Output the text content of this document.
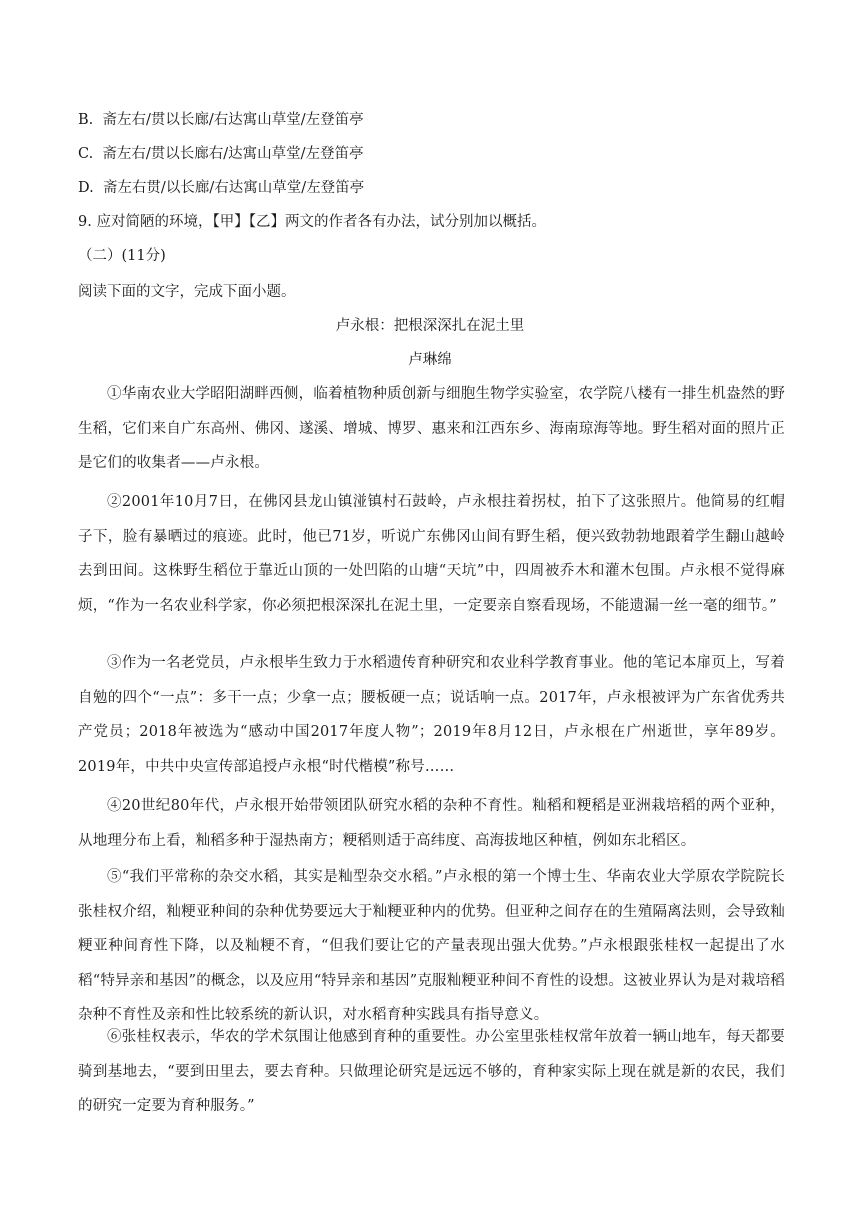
B. 斋左右/贯以长廊/右达寓山草堂/左登笛亭
C. 斋左右/贯以长廊右/达寓山草堂/左登笛亭
D. 斋左右贯/以长廊/右达寓山草堂/左登笛亭
9. 应对简陋的环境，【甲】【乙】两文的作者各有办法，试分别加以概括。
（二）(11分)
阅读下面的文字，完成下面小题。
卢永根：把根深深扎在泥土里
卢琳绵
①华南农业大学昭阳湖畔西侧，临着植物种质创新与细胞生物学实验室，农学院八楼有一排生机盎然的野生稻，它们来自广东高州、佛冈、遂溪、增城、博罗、惠来和江西东乡、海南琼海等地。野生稻对面的照片正是它们的收集者——卢永根。
②2001年10月7日，在佛冈县龙山镇湴镇村石鼓岭，卢永根拄着拐杖，拍下了这张照片。他简易的红帽子下，脸有暴晒过的痕迹。此时，他已71岁，听说广东佛冈山间有野生稻，便兴致勃勃地跟着学生翻山越岭去到田间。这株野生稻位于靠近山顶的一处凹陷的山塘“天坑”中，四周被乔木和灌木包围。卢永根不觉得麻烦，“作为一名农业科学家，你必须把根深深扎在泥土里，一定要亲自察看现场，不能遗漏一丝一毫的细节。”
③作为一名老党员，卢永根毕生致力于水稻遗传育种研究和农业科学教育事业。他的笔记本扉页上，写着自勉的四个“一点”：多干一点；少拿一点；腰板硬一点；说话响一点。2017年，卢永根被评为广东省优秀共产党员；2018年被选为“感动中国2017年度人物”；2019年8月12日，卢永根在广州逝世，享年89岁。2019年，中共中央宣传部追授卢永根“时代楷模”称号……
④20世纪80年代，卢永根开始带领团队研究水稻的杂种不育性。籼稻和粳稻是亚洲栽培稻的两个亚种，从地理分布上看，籼稻多种于湿热南方；粳稻则适于高纬度、高海拔地区种植，例如东北稻区。
⑤“我们平常称的杂交水稻，其实是籼型杂交水稻。”卢永根的第一个博士生、华南农业大学原农学院院长张桂权介绍，籼粳亚种间的杂种优势要远大于籼粳亚种内的优势。但亚种之间存在的生殖隔离法则，会导致籼粳亚种间育性下降，以及籼粳不育，“但我们要让它的产量表现出强大优势。”卢永根跟张桂权一起提出了水稻“特异亲和基因”的概念，以及应用“特异亲和基因”克服籼粳亚种间不育性的设想。这被业界认为是对栽培稻杂种不育性及亲和性比较系统的新认识，对水稻育种实践具有指导意义。
⑥张桂权表示，华农的学术氛围让他感到育种的重要性。办公室里张桂权常年放着一辆山地车，每天都要骑到基地去，“要到田里去，要去育种。只做理论研究是远远不够的，育种家实际上现在就是新的农民，我们的研究一定要为育种服务。”
